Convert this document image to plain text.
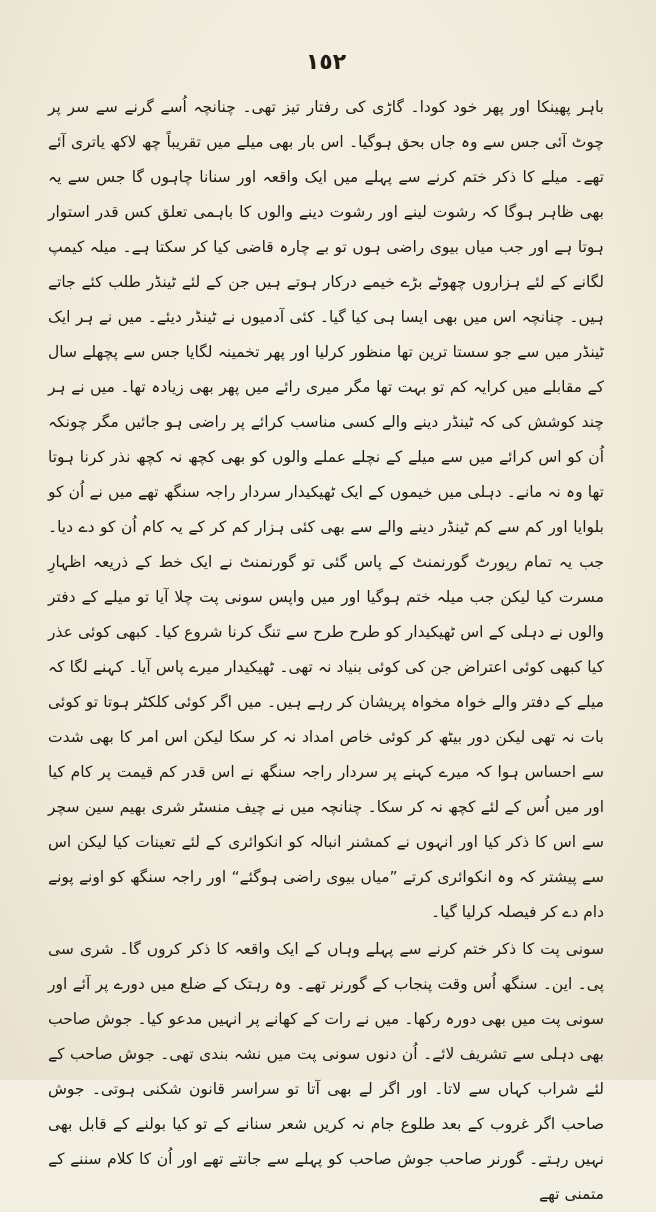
١٥٢

باہر پھینکا اور پھر خود کودا۔ گاڑی کی رفتار تیز تھی۔ چنانچہ اُسے گرنے سے سر پر چوٹ آئی جس سے وہ جاں بحق ہوگیا۔ اس بار بھی میلے میں تقریباً چھ لاکھ یاتری آئے تھے۔ میلے کا ذکر ختم کرنے سے پہلے میں ایک واقعہ اور سنانا چاہوں گا جس سے یہ بھی ظاہر ہوگا کہ رشوت لینے اور رشوت دینے والوں کا باہمی تعلق کس قدر استوار ہوتا ہے اور جب میاں بیوی راضی ہوں تو بے چارہ قاضی کیا کر سکتا ہے۔ میلہ کیمپ لگانے کے لئے ہزاروں چھوٹے بڑے خیمے درکار ہوتے ہیں جن کے لئے ٹینڈر طلب کئے جاتے ہیں۔ چنانچہ اس میں بھی ایسا ہی کیا گیا۔ کئی آدمیوں نے ٹینڈر دیئے۔ میں نے ہر ایک ٹینڈر میں سے جو سستا ترین تھا منظور کرلیا اور پھر تخمینہ لگایا جس سے پچھلے سال کے مقابلے میں کرایہ کم تو بہت تھا مگر میری رائے میں پھر بھی زیادہ تھا۔ میں نے ہر چند کوشش کی کہ ٹینڈر دینے والے کسی مناسب کرائے پر راضی ہو جائیں مگر چونکہ اُن کو اس کرائے میں سے میلے کے نچلے عملے والوں کو بھی کچھ نہ کچھ نذر کرنا ہوتا تھا وہ نہ مانے۔ دہلی میں خیموں کے ایک ٹھیکیدار سردار راجہ سنگھ تھے میں نے اُن کو بلوایا اور کم سے کم ٹینڈر دینے والے سے بھی کئی ہزار کم کر کے یہ کام اُن کو دے دیا۔ جب یہ تمام رپورٹ گورنمنٹ کے پاس گئی تو گورنمنٹ نے ایک خط کے ذریعہ اظہارِ مسرت کیا لیکن جب میلہ ختم ہوگیا اور میں واپس سونی پت چلا آیا تو میلے کے دفتر والوں نے دہلی کے اس ٹھیکیدار کو طرح طرح سے تنگ کرنا شروع کیا۔ کبھی کوئی عذر کیا کبھی کوئی اعتراض جن کی کوئی بنیاد نہ تھی۔ ٹھیکیدار میرے پاس آیا۔ کہنے لگا کہ میلے کے دفتر والے خواہ مخواہ پریشان کر رہے ہیں۔ میں اگر کوئی کلکٹر ہوتا تو کوئی بات نہ تھی لیکن دور بیٹھ کر کوئی خاص امداد نہ کر سکا لیکن اس امر کا بھی شدت سے احساس ہوا کہ میرے کہنے پر سردار راجہ سنگھ نے اس قدر کم قیمت پر کام کیا اور میں اُس کے لئے کچھ نہ کر سکا۔ چنانچہ میں نے چیف منسٹر شری بھیم سین سچر سے اس کا ذکر کیا اور انہوں نے کمشنر انبالہ کو انکوائری کے لئے تعینات کیا لیکن اس سے پیشتر کہ وہ انکوائری کرتے ”میاں بیوی راضی ہوگئے“ اور راجہ سنگھ کو اونے پونے دام دے کر فیصلہ کرلیا گیا۔

سونی پت کا ذکر ختم کرنے سے پہلے وہاں کے ایک واقعہ کا ذکر کروں گا۔ شری سی پی۔ این۔ سنگھ اُس وقت پنجاب کے گورنر تھے۔ وہ رہتک کے ضلع میں دورے پر آئے اور سونی پت میں بھی دورہ رکھا۔ میں نے رات کے کھانے پر انہیں مدعو کیا۔ جوش صاحب بھی دہلی سے تشریف لائے۔ اُن دنوں سونی پت میں نشہ بندی تھی۔ جوش صاحب کے لئے شراب کہاں سے لاتا۔ اور اگر لے بھی آتا تو سراسر قانون شکنی ہوتی۔ جوش صاحب اگر غروب کے بعد طلوع جام نہ کریں شعر سنانے کے تو کیا بولنے کے قابل بھی نہیں رہتے۔ گورنر صاحب جوش صاحب کو پہلے سے جانتے تھے اور اُن کا کلام سننے کے متمنی تھے
